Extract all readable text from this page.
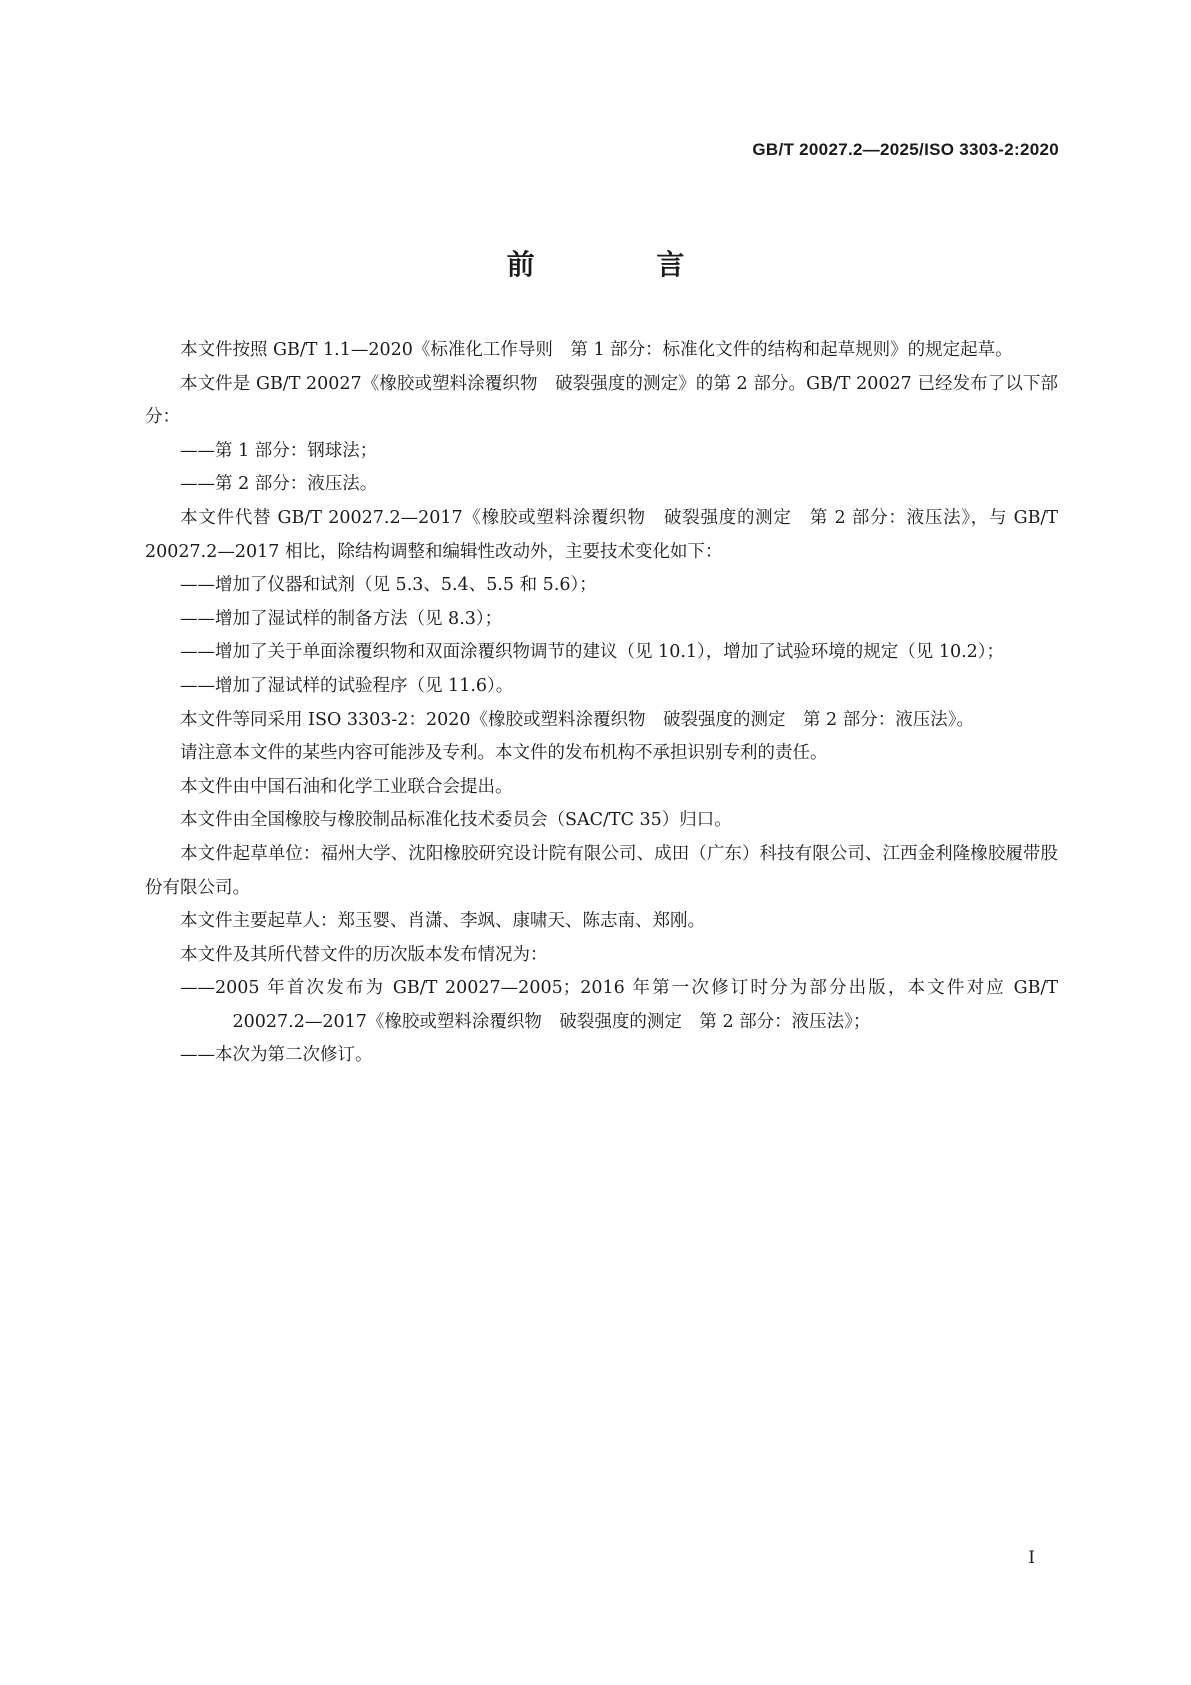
GB/T 20027.2—2025/ISO 3303-2:2020
前 言

本文件按照 GB/T 1.1—2020《标准化工作导则　第 1 部分：标准化文件的结构和起草规则》的规定起草。

本文件是 GB/T 20027《橡胶或塑料涂覆织物　破裂强度的测定》的第 2 部分。GB/T 20027 已经发布了以下部分：

——第 1 部分：钢球法；

——第 2 部分：液压法。

本文件代替 GB/T 20027.2—2017《橡胶或塑料涂覆织物　破裂强度的测定　第 2 部分：液压法》，与 GB/T 20027.2—2017 相比，除结构调整和编辑性改动外，主要技术变化如下：

——增加了仪器和试剂（见 5.3、5.4、5.5 和 5.6）；

——增加了湿试样的制备方法（见 8.3）；

——增加了关于单面涂覆织物和双面涂覆织物调节的建议（见 10.1），增加了试验环境的规定（见 10.2）；

——增加了湿试样的试验程序（见 11.6）。

本文件等同采用 ISO 3303-2：2020《橡胶或塑料涂覆织物　破裂强度的测定　第 2 部分：液压法》。

请注意本文件的某些内容可能涉及专利。本文件的发布机构不承担识别专利的责任。

本文件由中国石油和化学工业联合会提出。

本文件由全国橡胶与橡胶制品标准化技术委员会（SAC/TC 35）归口。

本文件起草单位：福州大学、沈阳橡胶研究设计院有限公司、成田（广东）科技有限公司、江西金利隆橡胶履带股份有限公司。

本文件主要起草人：郑玉婴、肖潇、李飒、康啸天、陈志南、郑刚。

本文件及其所代替文件的历次版本发布情况为：

——2005 年首次发布为 GB/T 20027—2005；2016 年第一次修订时分为部分出版，本文件对应 GB/T 20027.2—2017《橡胶或塑料涂覆织物　破裂强度的测定　第 2 部分：液压法》；

——本次为第二次修订。

I
